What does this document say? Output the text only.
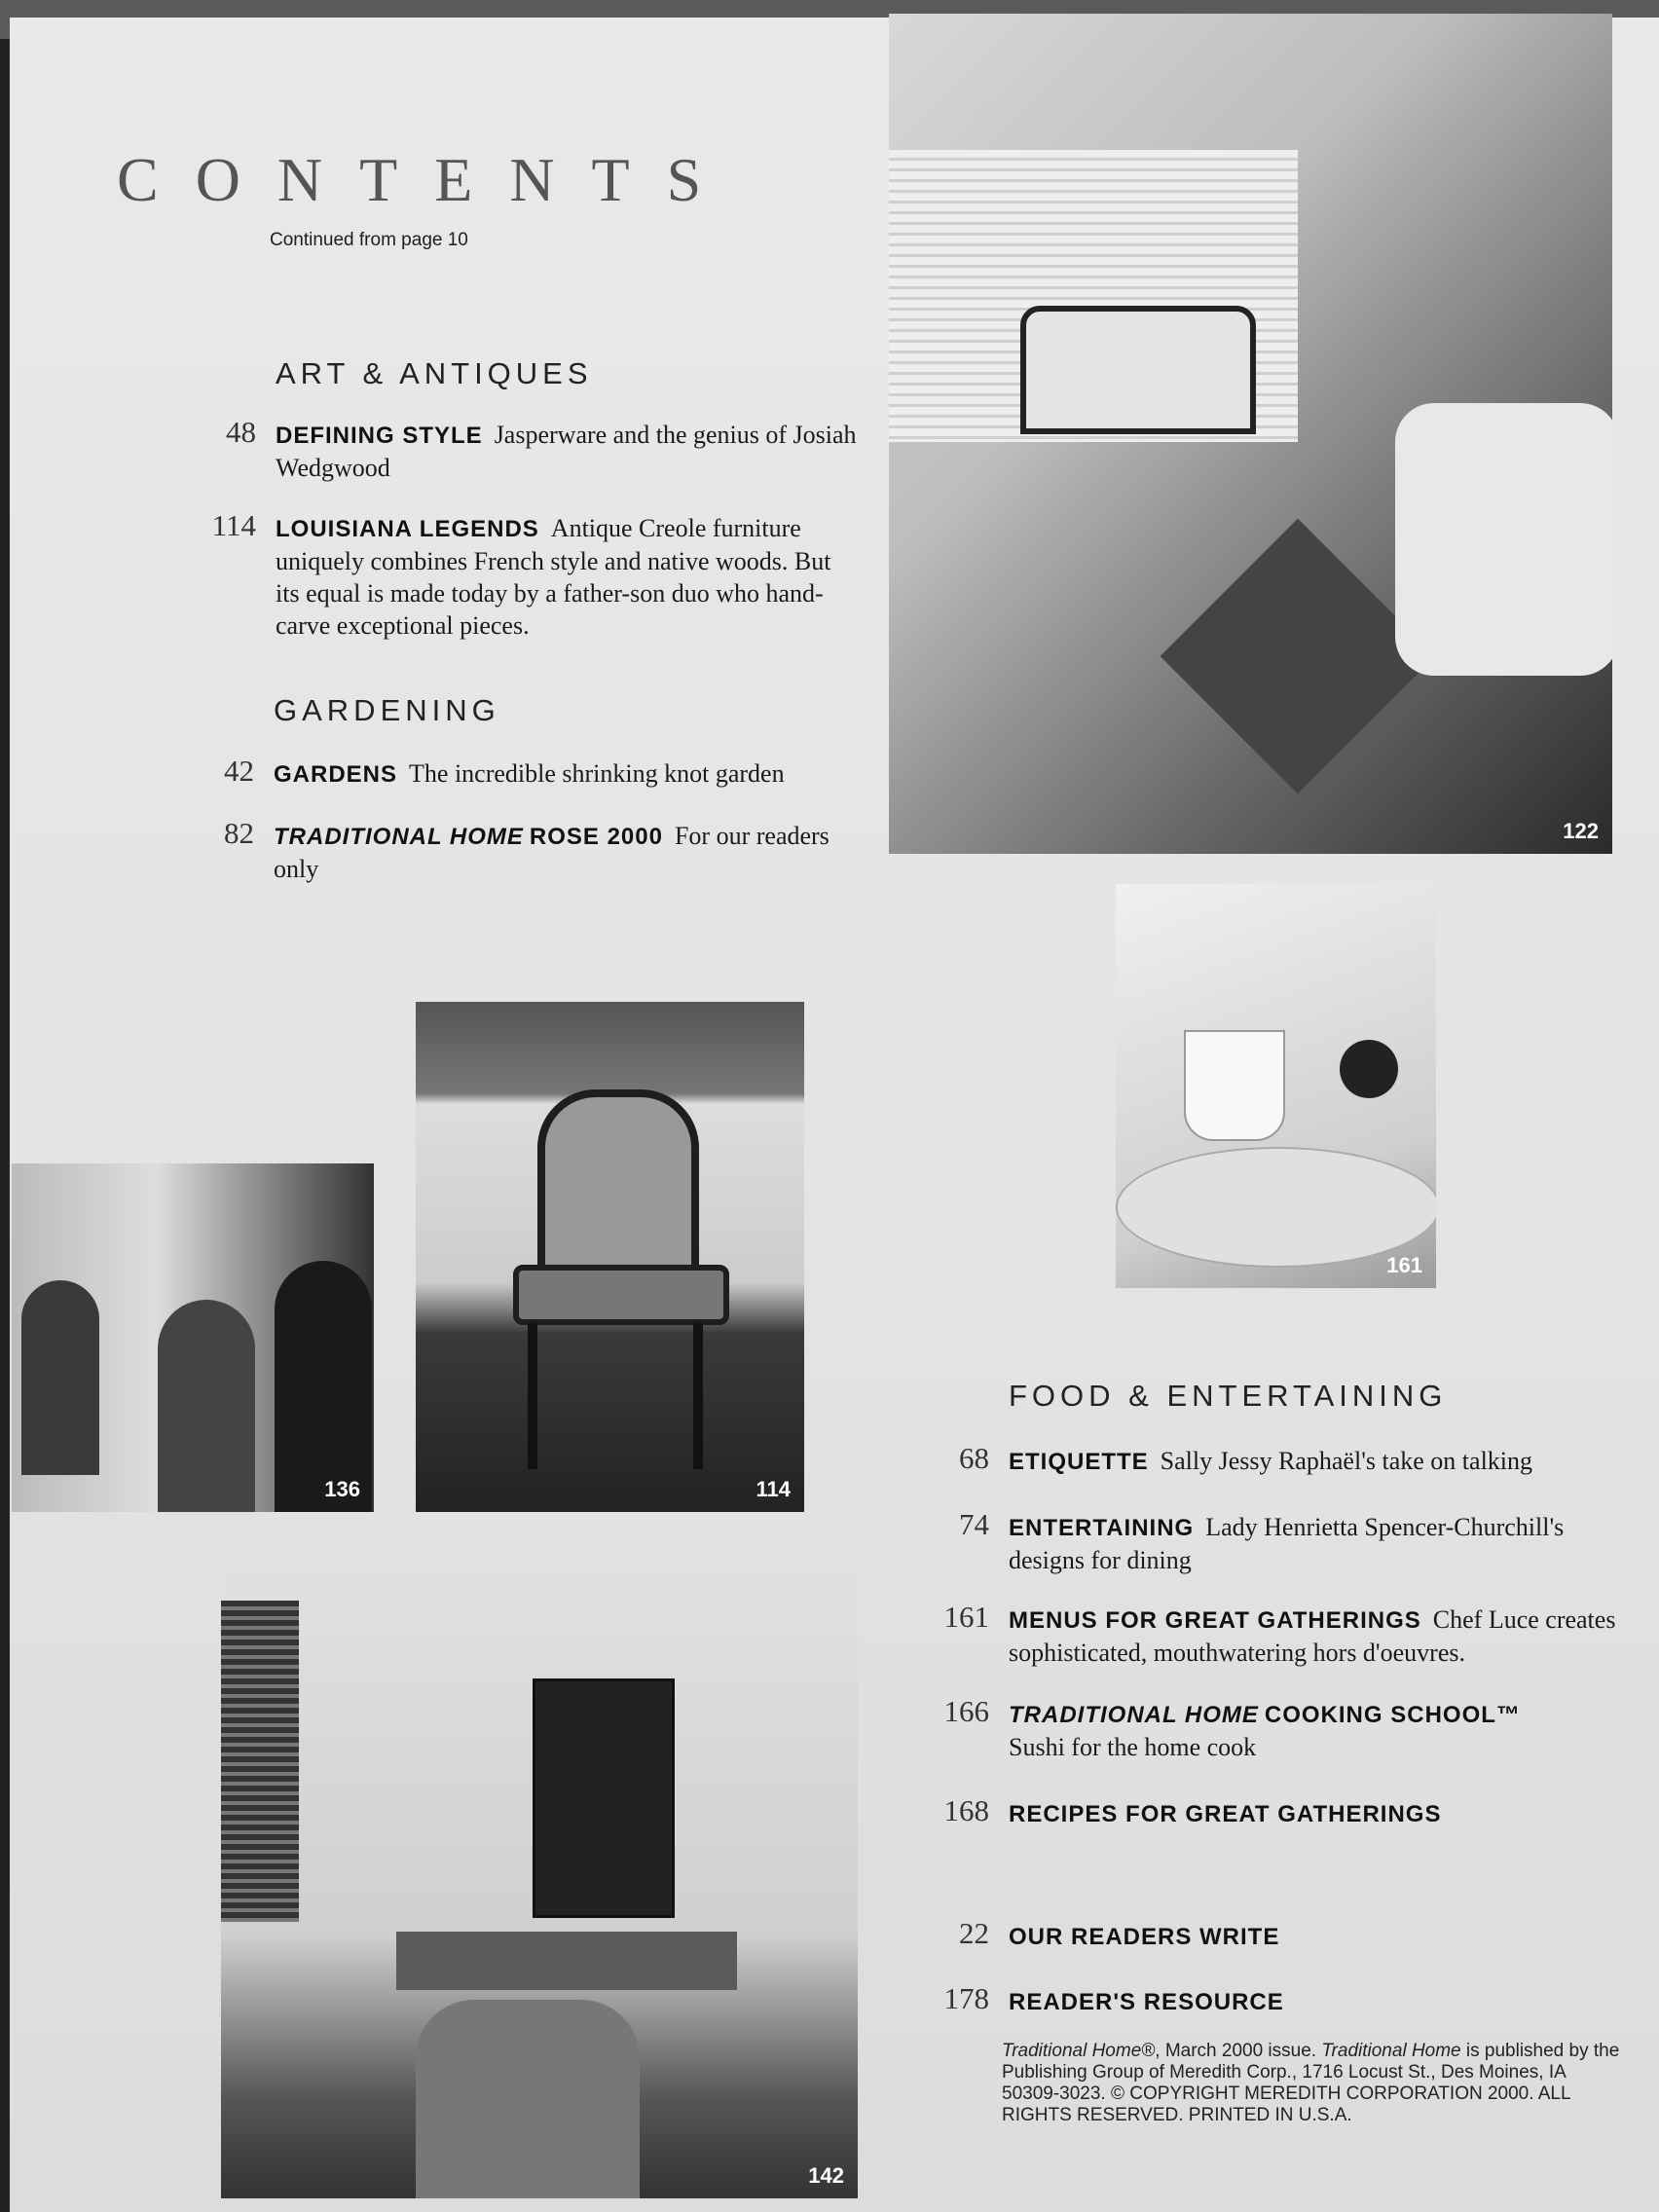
CONTENTS
Continued from page 10
ART & ANTIQUES
48 DEFINING STYLE Jasperware and the genius of Josiah Wedgwood
114 LOUISIANA LEGENDS Antique Creole furniture uniquely combines French style and native woods. But its equal is made today by a father-son duo who hand-carve exceptional pieces.
GARDENING
42 GARDENS The incredible shrinking knot garden
82 TRADITIONAL HOME ROSE 2000 For our readers only
122
161
114
136
142
FOOD & ENTERTAINING
68 ETIQUETTE Sally Jessy Raphaël's take on talking
74 ENTERTAINING Lady Henrietta Spencer-Churchill's designs for dining
161 MENUS FOR GREAT GATHERINGS Chef Luce creates sophisticated, mouthwatering hors d'oeuvres.
166 TRADITIONAL HOME COOKING SCHOOL™
Sushi for the home cook
168 RECIPES FOR GREAT GATHERINGS
22 OUR READERS WRITE
178 READER'S RESOURCE
Traditional Home®, March 2000 issue. Traditional Home is published by the Publishing Group of Meredith Corp., 1716 Locust St., Des Moines, IA 50309-3023. © COPYRIGHT MEREDITH CORPORATION 2000. ALL RIGHTS RESERVED. PRINTED IN U.S.A.
